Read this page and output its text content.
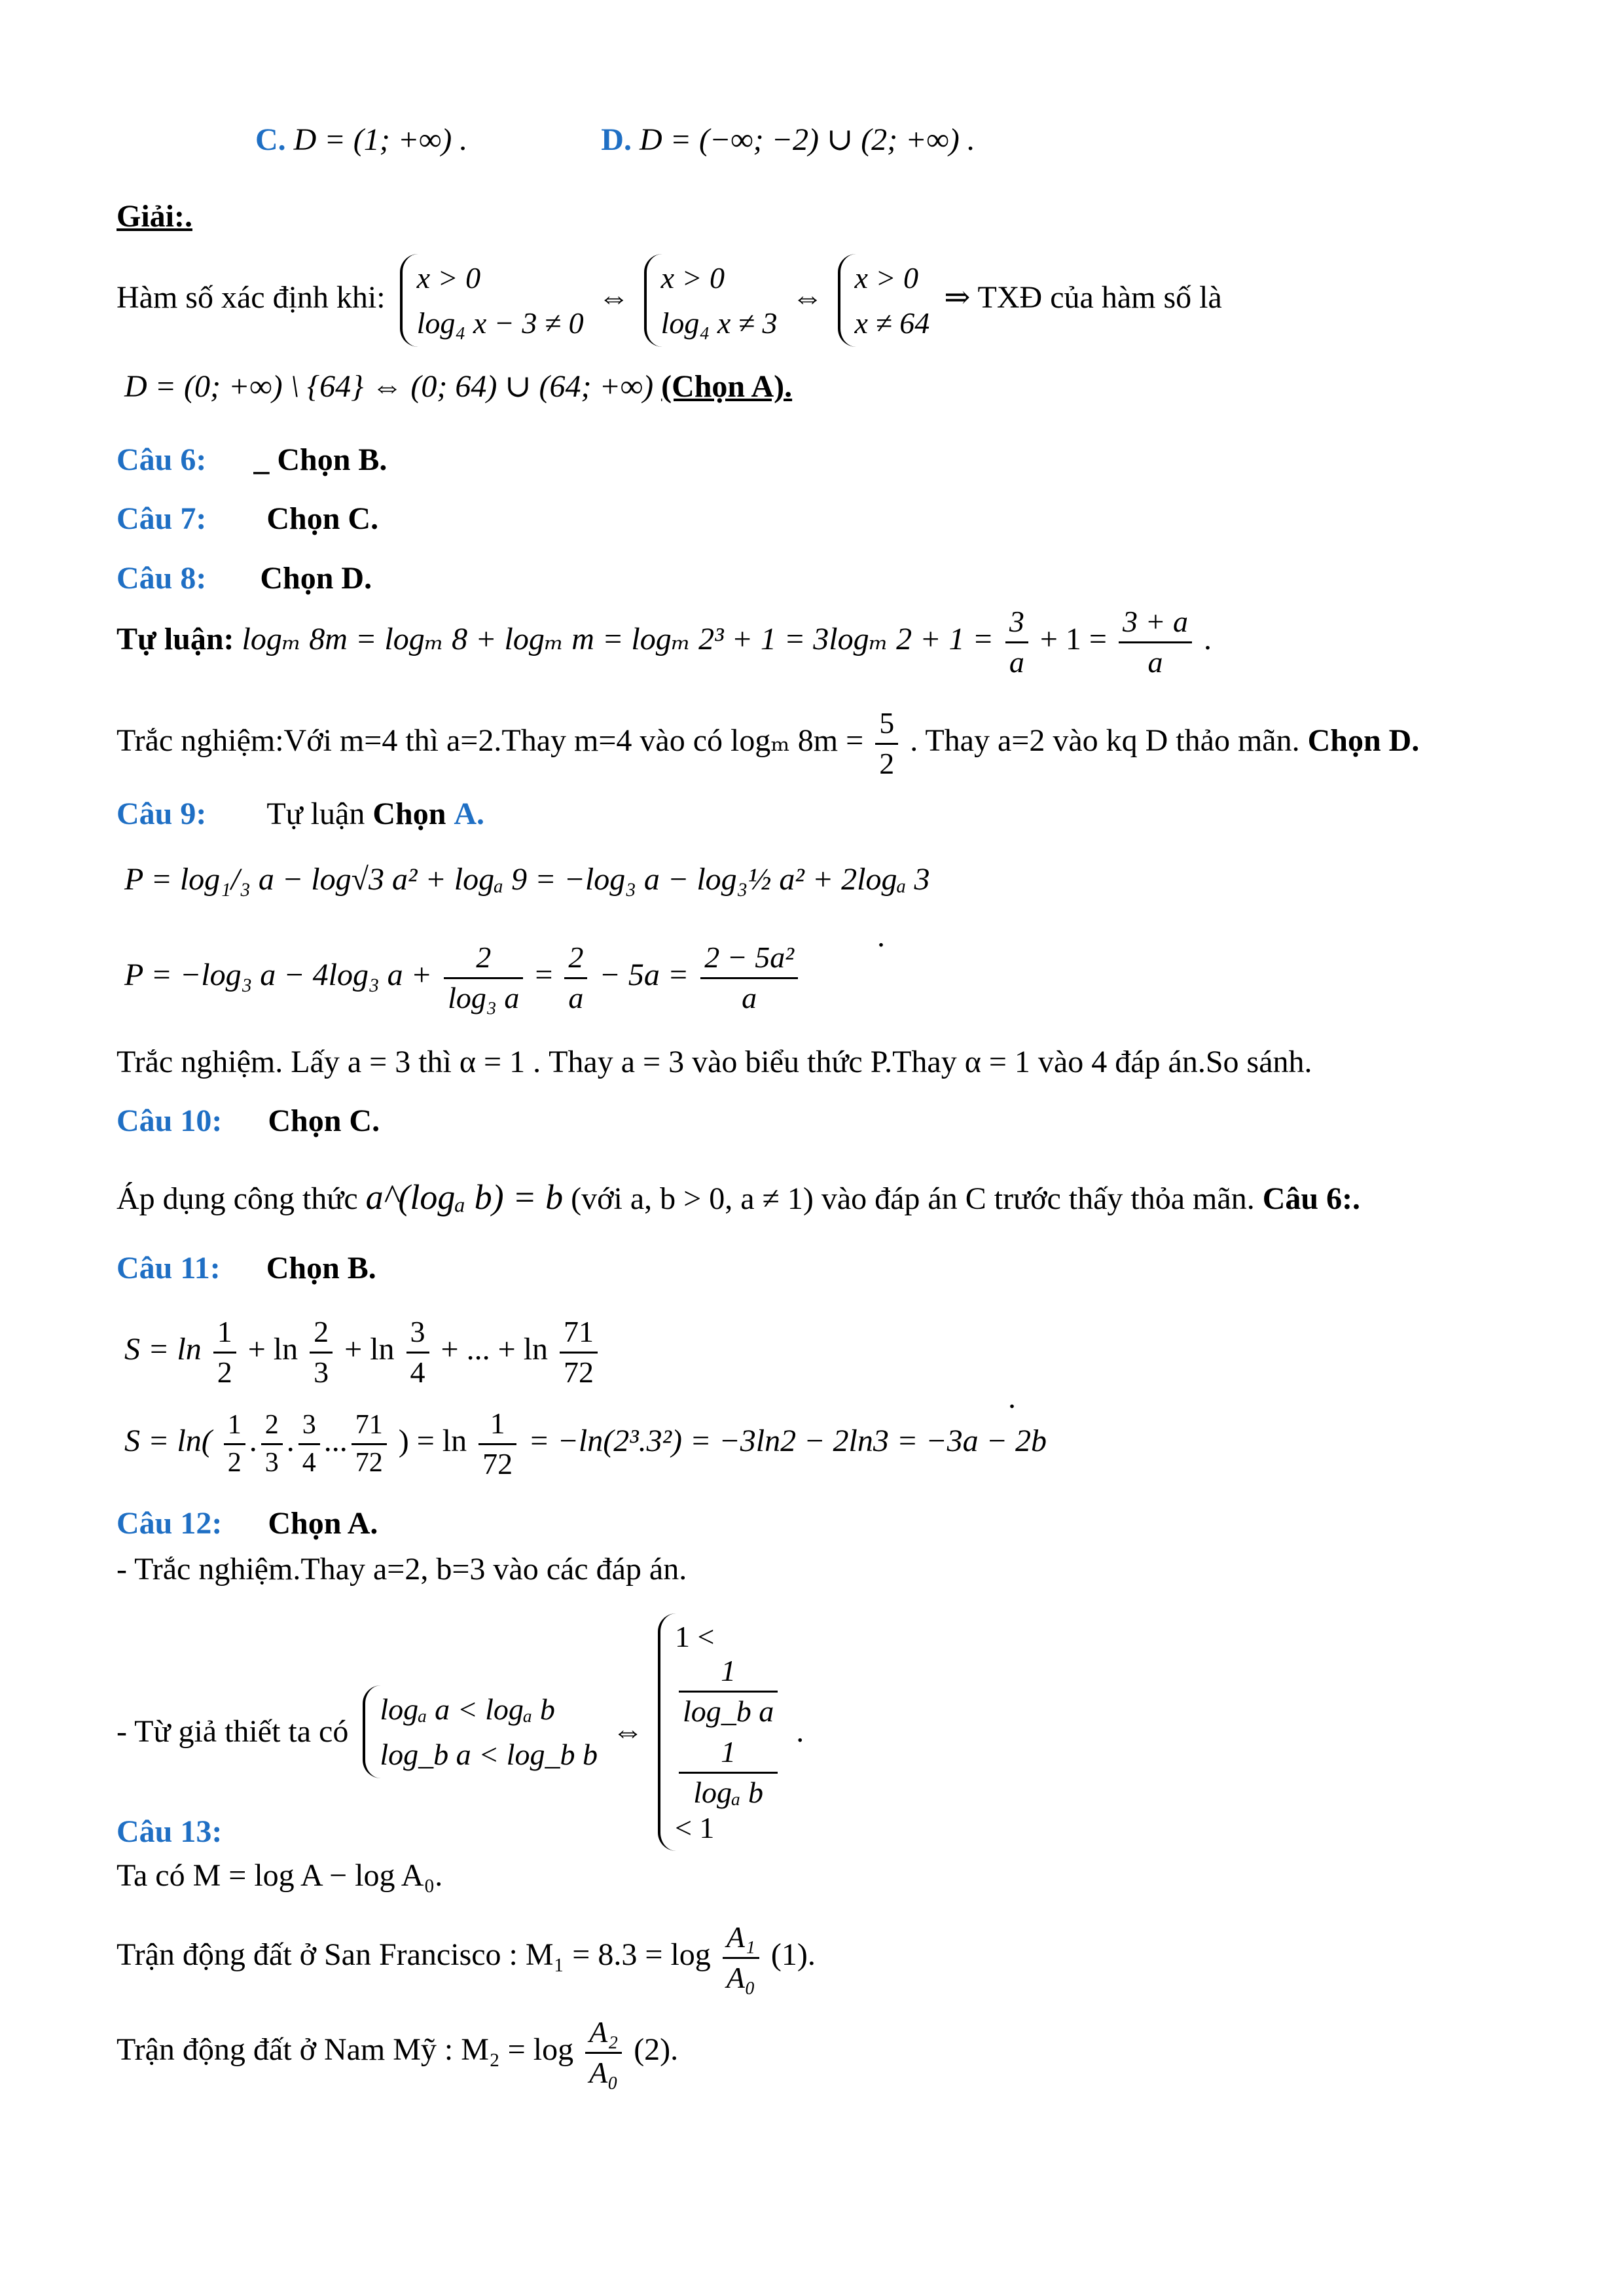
C. D = (1; +∞) .	D. D = (−∞; −2) ∪ (2; +∞) .
Giải:.
Hàm số xác định khi:
x > 0
log₄ x − 3 ≠ 0
⇔
x > 0
log₄ x ≠ 3
⇔
x > 0
x ≠ 64
⇒ TXĐ của hàm số là
D = (0; +∞) \ {64} ⇔ (0; 64) ∪ (64; +∞) (Chọn A).
Câu 6: _ Chọn B.
Câu 7: Chọn C.
Câu 8: Chọn D.
Tự luận: logₘ 8m = logₘ 8 + logₘ m = logₘ 2³ + 1 = 3logₘ $2 + 1 = \frac{3}{a} + 1 = \frac{3 + a}{a}$ .
Trắc nghiệm:Với m=4 thì a=2.Thay m=4 vào có logₘ $8m = \frac{5}{2}$ . Thay a=2 vào kq D thảo mãn. Chọn D.
Câu 9: Tự luận Chọn A.
P = log₁/₃ a − log√3 a² + logₐ 9 = −log₃ a − log₃½ a² + 2logₐ 3
P = −log₃ a − 4log₃ $a + \frac{2}{\text{log₃ a}} = \frac{2}{a} - 5a = \frac{\text{2 − 5a²}}{a}$
.
Trắc nghiệm. Lấy a = 3 thì α = 1 . Thay a = 3 vào biểu thức P.Thay α = 1 vào 4 đáp án.So sánh.
Câu 10: Chọn C.
Áp dụng công thức a^(logₐ b) = b (với a, b > 0, a ≠ 1) vào đáp án C trước thấy thỏa mãn. Câu 6:.
Câu 11: Chọn B.
$S = \ln \frac{1}{2} + \ln \frac{2}{3} + \ln \frac{3}{4}$ + ... + $\ln \frac{71}{72}$
$S = \ln( \frac{1}{2}$ . $\frac{2}{3}$ . $\frac{3}{4}$ ... $\frac{71}{72}$ ) = $\ln \frac{1}{72} = -\ln(2^3.3^2) = -3\ln 2 - 2\ln 3 = -3a - 2b$
.
Câu 12: Chọn A.
- Trắc nghiệm.Thay a=2, b=3 vào các đáp án.
- Từ giả thiết ta có
logₐ a < logₐ b
log_b a < log_b b
⇔
1 <
1
log_b a
1
logₐ b
< 1
.
Câu 13:
Ta có M = log A − log A₀.
Trận động đất ở San Francisco : $M_1 = 8.3 = \log \frac{\text{A₁}}{\text{A₀}} (1)$.
Trận động đất ở Nam Mỹ : $M_2 = \log \frac{\text{A₂}}{\text{A₀}} (2)$.
